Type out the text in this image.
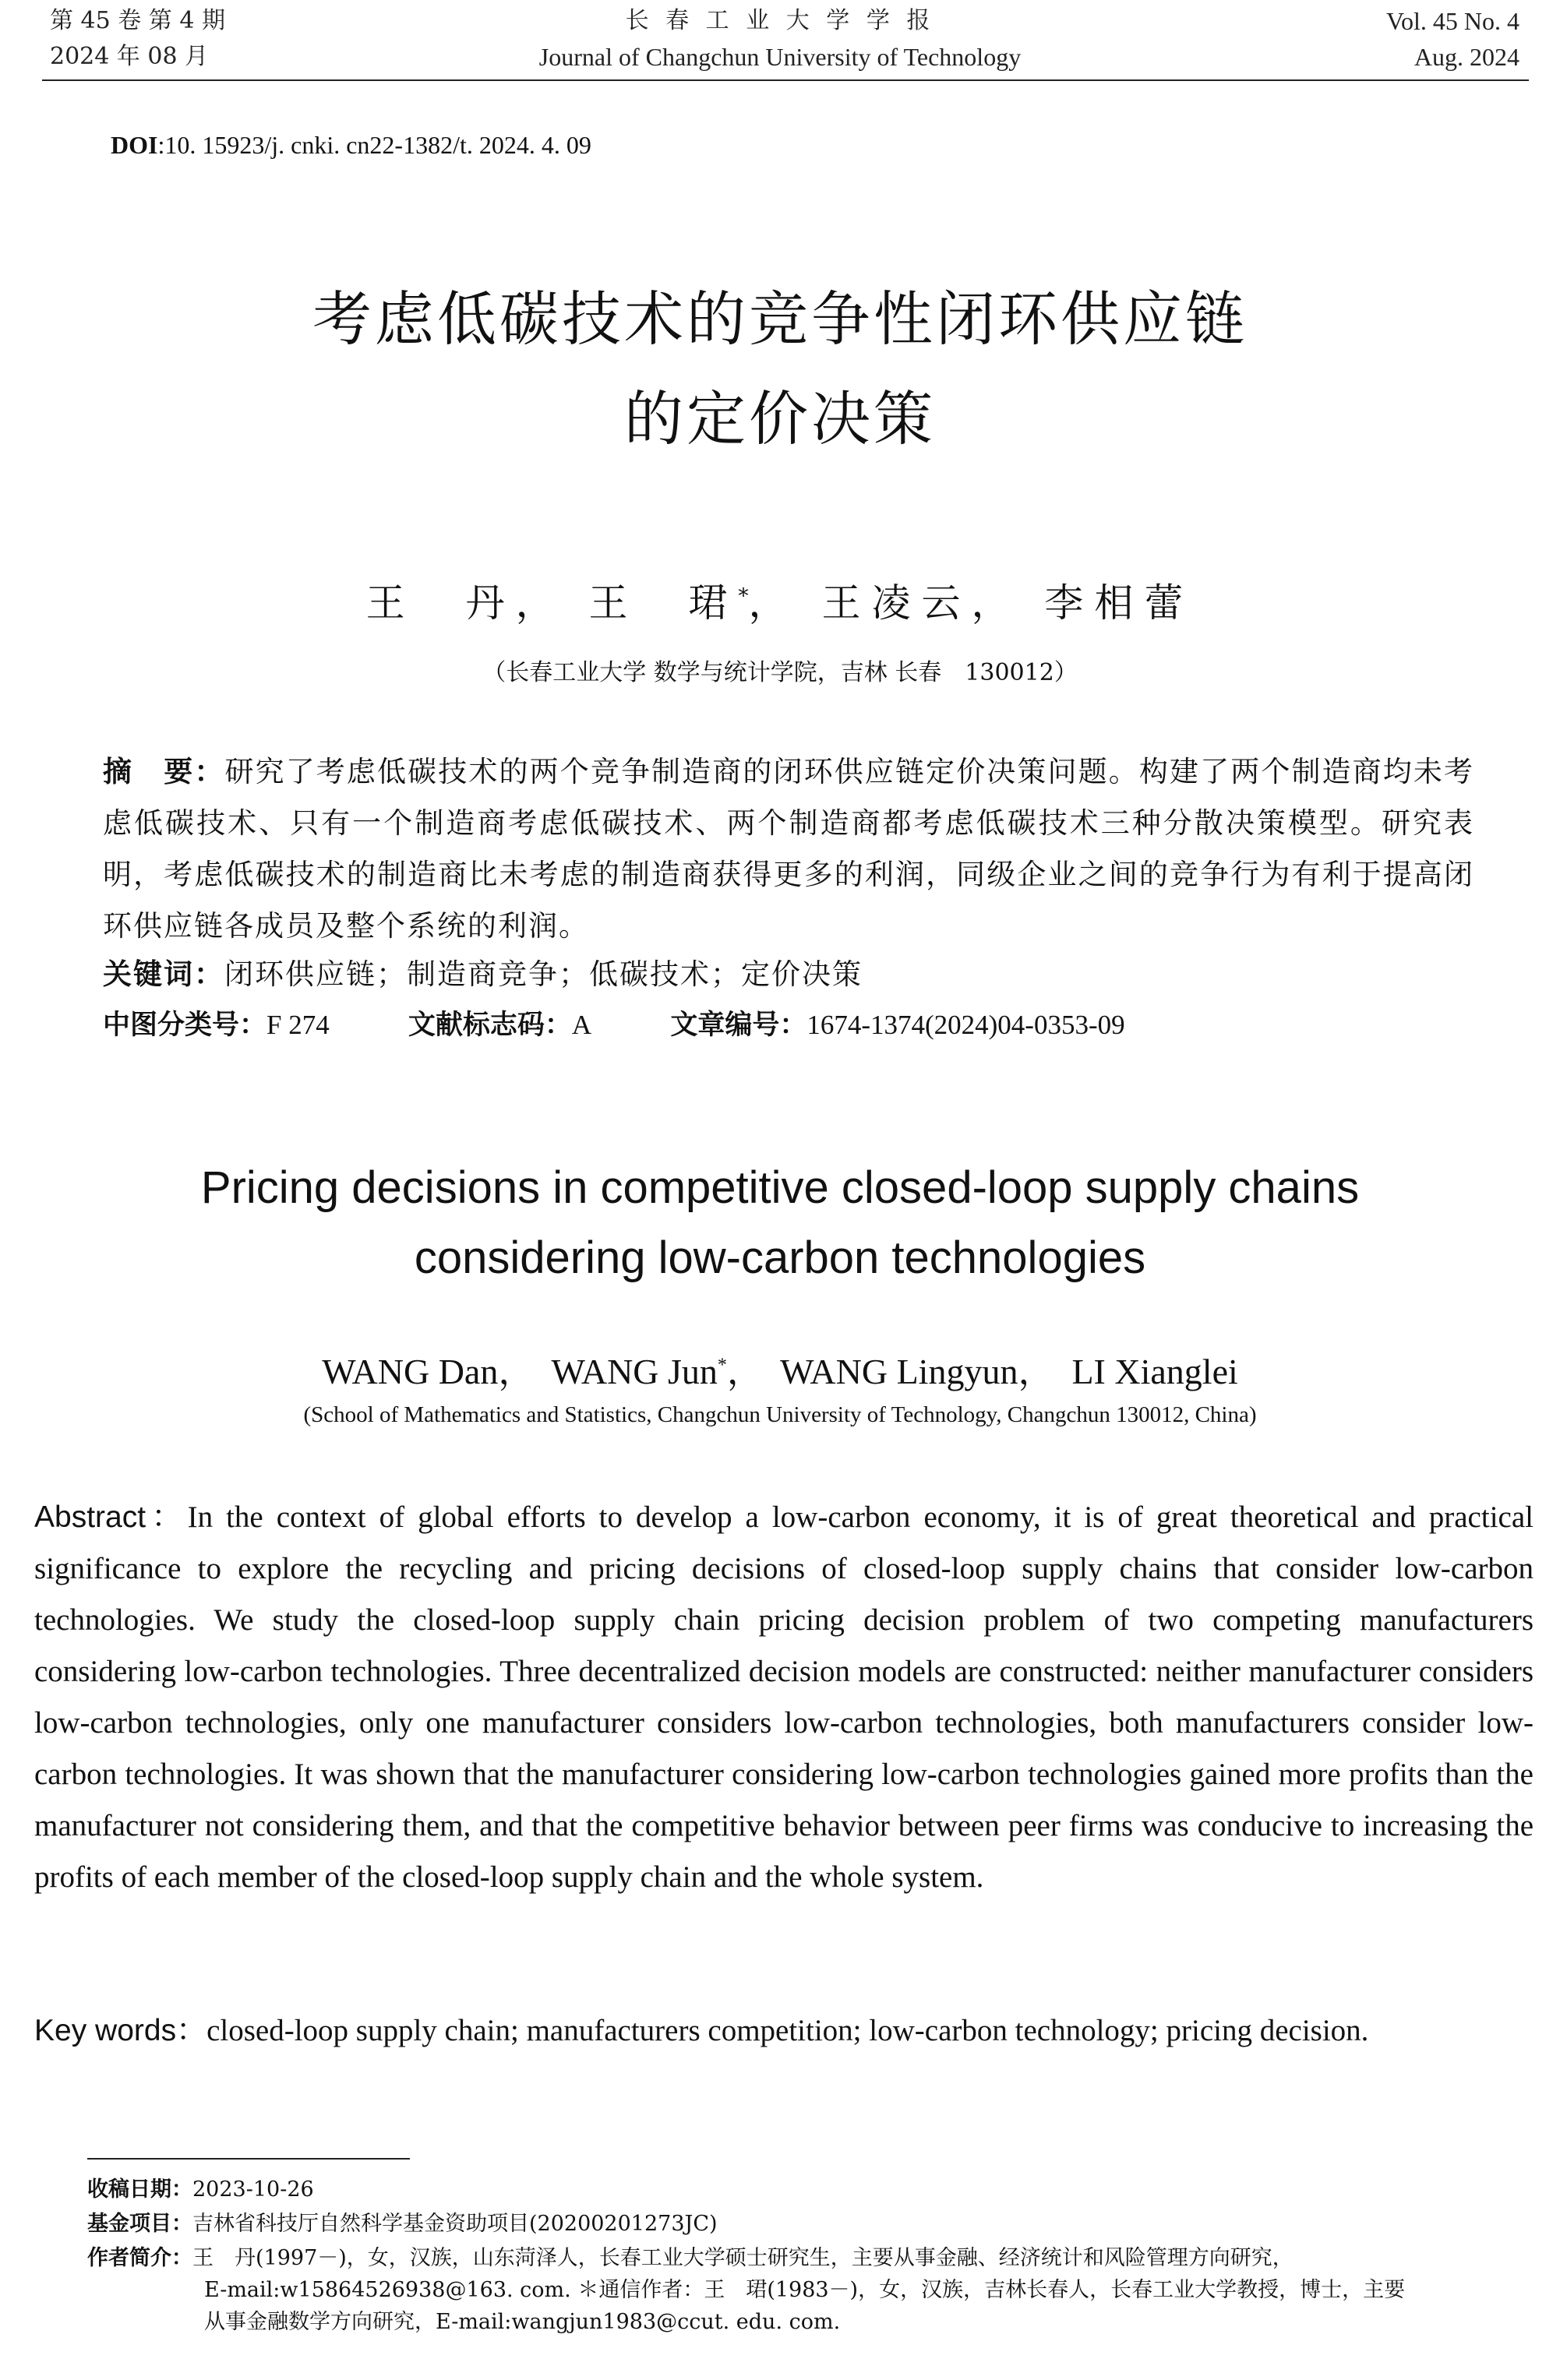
第 45 卷 第 4 期
2024 年 08 月
长 春 工 业 大 学 学 报
Journal of Changchun University of Technology
Vol. 45 No. 4
Aug. 2024
DOI:10. 15923/j. cnki. cn22-1382/t. 2024. 4. 09
考虑低碳技术的竞争性闭环供应链
的定价决策
王　丹， 王　珺*， 王凌云， 李相蕾
（长春工业大学 数学与统计学院，吉林 长春　130012）
摘　要：研究了考虑低碳技术的两个竞争制造商的闭环供应链定价决策问题。构建了两个制造商均未考虑低碳技术、只有一个制造商考虑低碳技术、两个制造商都考虑低碳技术三种分散决策模型。研究表明，考虑低碳技术的制造商比未考虑的制造商获得更多的利润，同级企业之间的竞争行为有利于提高闭环供应链各成员及整个系统的利润。
关键词：闭环供应链；制造商竞争；低碳技术；定价决策
中图分类号：F 274	文献标志码：A	文章编号：1674-1374(2024)04-0353-09
Pricing decisions in competitive closed-loop supply chains
considering low-carbon technologies
WANG Dan， WANG Jun*， WANG Lingyun， LI Xianglei
(School of Mathematics and Statistics, Changchun University of Technology, Changchun 130012, China)
Abstract：In the context of global efforts to develop a low-carbon economy, it is of great theoretical and practical significance to explore the recycling and pricing decisions of closed-loop supply chains that consider low-carbon technologies. We study the closed-loop supply chain pricing decision problem of two competing manufacturers considering low-carbon technologies. Three decentralized decision models are constructed: neither manufacturer considers low-carbon technologies, only one manufacturer considers low-carbon technologies, both manufacturers consider low-carbon technologies. It was shown that the manufacturer considering low-carbon technologies gained more profits than the manufacturer not considering them, and that the competitive behavior between peer firms was conducive to increasing the profits of each member of the closed-loop supply chain and the whole system.
Key words：closed-loop supply chain; manufacturers competition; low-carbon technology; pricing decision.
收稿日期：2023-10-26
基金项目：吉林省科技厅自然科学基金资助项目(20200201273JC)
作者简介：王　丹(1997－)，女，汉族，山东菏泽人，长春工业大学硕士研究生，主要从事金融、经济统计和风险管理方向研究，
E-mail:w15864526938@163. com. ＊通信作者：王　珺(1983－)，女，汉族，吉林长春人，长春工业大学教授，博士，主要
从事金融数学方向研究，E-mail:wangjun1983@ccut. edu. com.
